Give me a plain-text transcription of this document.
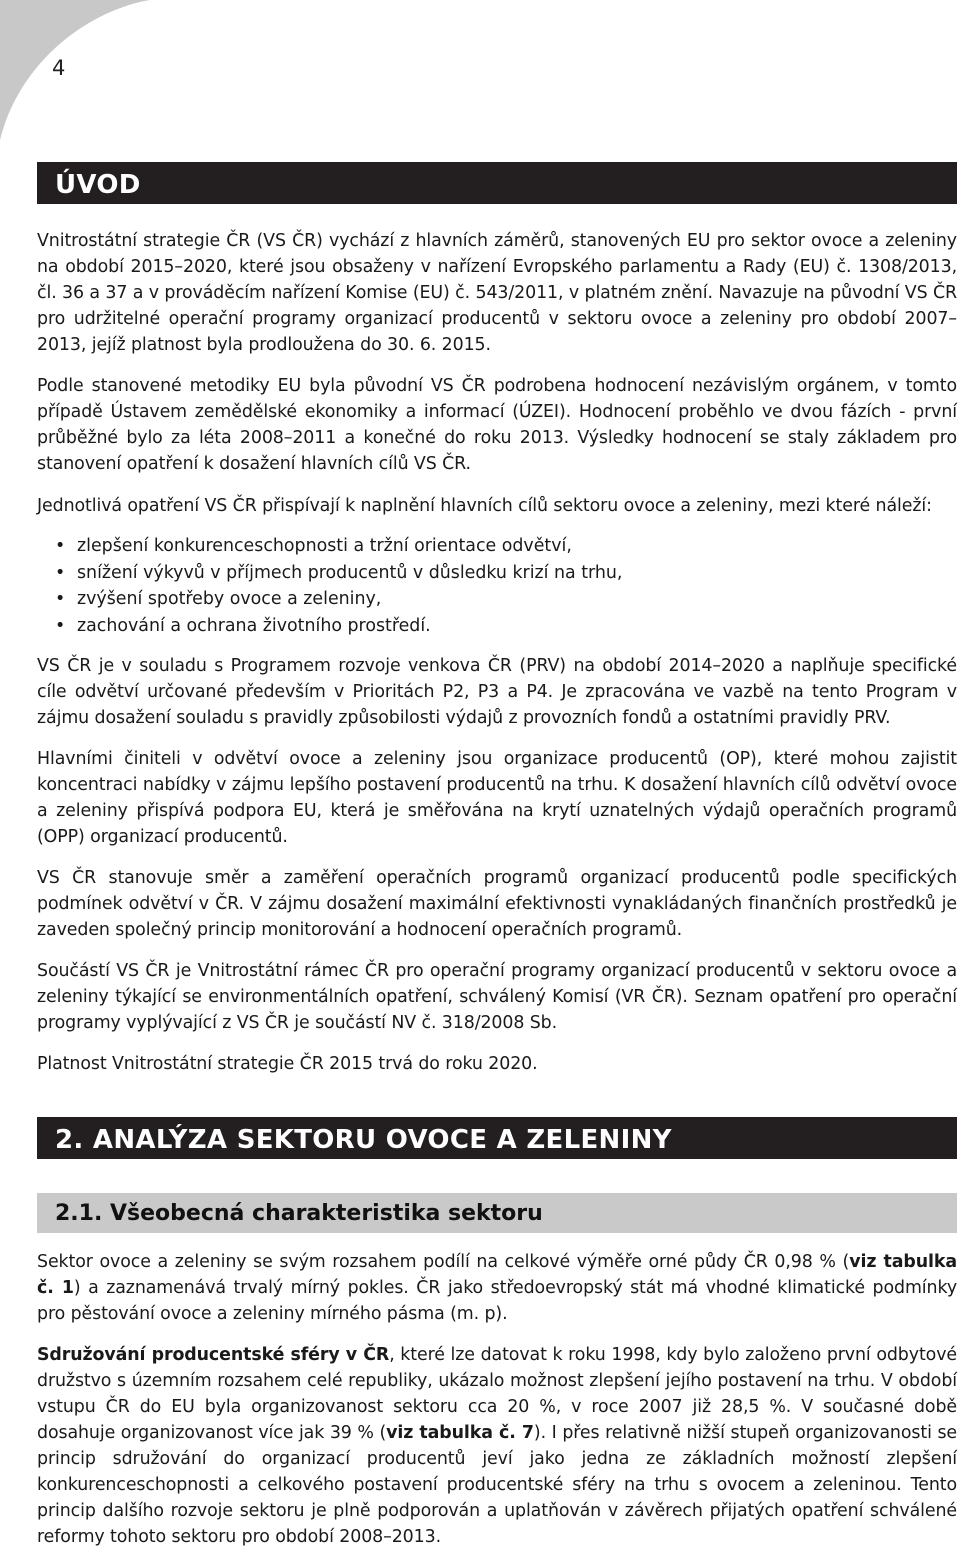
4
ÚVOD

Vnitrostátní strategie ČR (VS ČR) vychází z hlavních záměrů, stanovených EU pro sektor ovoce a zeleniny na období 2015–2020, které jsou obsaženy v nařízení Evropského parlamentu a Rady (EU) č. 1308/2013, čl. 36 a 37 a v prováděcím nařízení Komise (EU) č. 543/2011, v platném znění. Navazuje na původní VS ČR pro udržitelné operační programy organizací producentů v sektoru ovoce a zeleniny pro období 2007–2013, jejíž platnost byla prodloužena do 30. 6. 2015.

Podle stanovené metodiky EU byla původní VS ČR podrobena hodnocení nezávislým orgánem, v tomto případě Ústavem zemědělské ekonomiky a informací (ÚZEI). Hodnocení proběhlo ve dvou fázích - první průběžné bylo za léta 2008–2011 a konečné do roku 2013. Výsledky hodnocení se staly základem pro stanovení opatření k dosažení hlavních cílů VS ČR.

Jednotlivá opatření VS ČR přispívají k naplnění hlavních cílů sektoru ovoce a zeleniny, mezi které náleží:

• zlepšení konkurenceschopnosti a tržní orientace odvětví,
• snížení výkyvů v příjmech producentů v důsledku krizí na trhu,
• zvýšení spotřeby ovoce a zeleniny,
• zachování a ochrana životního prostředí.

VS ČR je v souladu s Programem rozvoje venkova ČR (PRV) na období 2014–2020 a naplňuje specifické cíle odvětví určované především v Prioritách P2, P3 a P4. Je zpracována ve vazbě na tento Program v zájmu dosažení souladu s pravidly způsobilosti výdajů z provozních fondů a ostatními pravidly PRV.

Hlavními činiteli v odvětví ovoce a zeleniny jsou organizace producentů (OP), které mohou zajistit koncentraci nabídky v zájmu lepšího postavení producentů na trhu. K dosažení hlavních cílů odvětví ovoce a zeleniny přispívá podpora EU, která je směřována na krytí uznatelných výdajů operačních programů (OPP) organizací producentů.

VS ČR stanovuje směr a zaměření operačních programů organizací producentů podle specifických podmínek odvětví v ČR. V zájmu dosažení maximální efektivnosti vynakládaných finančních prostředků je zaveden společný princip monitorování a hodnocení operačních programů.

Součástí VS ČR je Vnitrostátní rámec ČR pro operační programy organizací producentů v sektoru ovoce a zeleniny týkající se environmentálních opatření, schválený Komisí (VR ČR). Seznam opatření pro operační programy vyplývající z VS ČR je součástí NV č. 318/2008 Sb.

Platnost Vnitrostátní strategie ČR 2015 trvá do roku 2020.

2. ANALÝZA SEKTORU OVOCE A ZELENINY
2.1. Všeobecná charakteristika sektoru

Sektor ovoce a zeleniny se svým rozsahem podílí na celkové výměře orné půdy ČR 0,98 % (viz tabulka č. 1) a zaznamenává trvalý mírný pokles. ČR jako středoevropský stát má vhodné klimatické podmínky pro pěstování ovoce a zeleniny mírného pásma (m. p).

Sdružování producentské sféry v ČR, které lze datovat k roku 1998, kdy bylo založeno první odbytové družstvo s územním rozsahem celé republiky, ukázalo možnost zlepšení jejího postavení na trhu. V období vstupu ČR do EU byla organizovanost sektoru cca 20 %, v roce 2007 již 28,5 %. V současné době dosahuje organizovanost více jak 39 % (viz tabulka č. 7). I přes relativně nižší stupeň organizovanosti se princip sdružování do organizací producentů jeví jako jedna ze základních možností zlepšení konkurenceschopnosti a celkového postavení producentské sféry na trhu s ovocem a zeleninou. Tento princip dalšího rozvoje sektoru je plně podporován a uplatňován v závěrech přijatých opatření schválené reformy tohoto sektoru pro období 2008–2013.
